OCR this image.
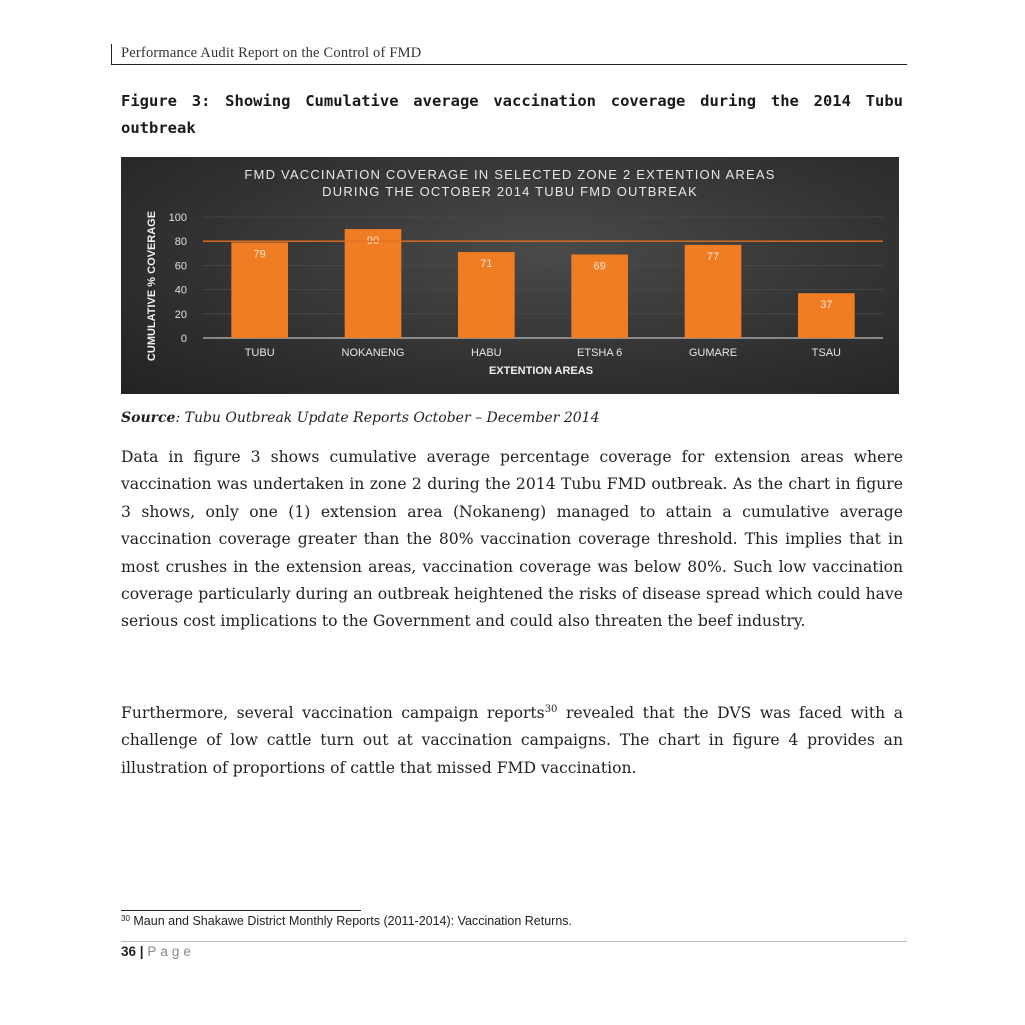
Performance Audit Report on the Control of FMD
Figure 3: Showing Cumulative average vaccination coverage during the 2014 Tubu outbreak
FMD VACCINATION COVERAGE IN SELECTED ZONE 2 EXTENTION AREAS
DURING THE OCTOBER 2014 TUBU FMD OUTBREAK
CUMULATIVE % COVERAGE
EXTENTION AREAS
0
20
40
60
80
100
79
TUBU
90
NOKANENG
71
HABU
69
ETSHA 6
77
GUMARE
37
TSAU
Source: Tubu Outbreak Update Reports October – December 2014

Data in figure 3 shows cumulative average percentage coverage for extension areas where vaccination was undertaken in zone 2 during the 2014 Tubu FMD outbreak. As the chart in figure 3 shows, only one (1) extension area (Nokaneng) managed to attain a cumulative average vaccination coverage greater than the 80% vaccination coverage threshold. This implies that in most crushes in the extension areas, vaccination coverage was below 80%. Such low vaccination coverage particularly during an outbreak heightened the risks of disease spread which could have serious cost implications to the Government and could also threaten the beef industry.

Furthermore, several vaccination campaign reports$^{30}$ revealed that the DVS was faced with a challenge of low cattle turn out at vaccination campaigns. The chart in figure 4 provides an illustration of proportions of cattle that missed FMD vaccination.

$^{30}$ Maun and Shakawe District Monthly Reports (2011-2014): Vaccination Returns.
36 | Page
